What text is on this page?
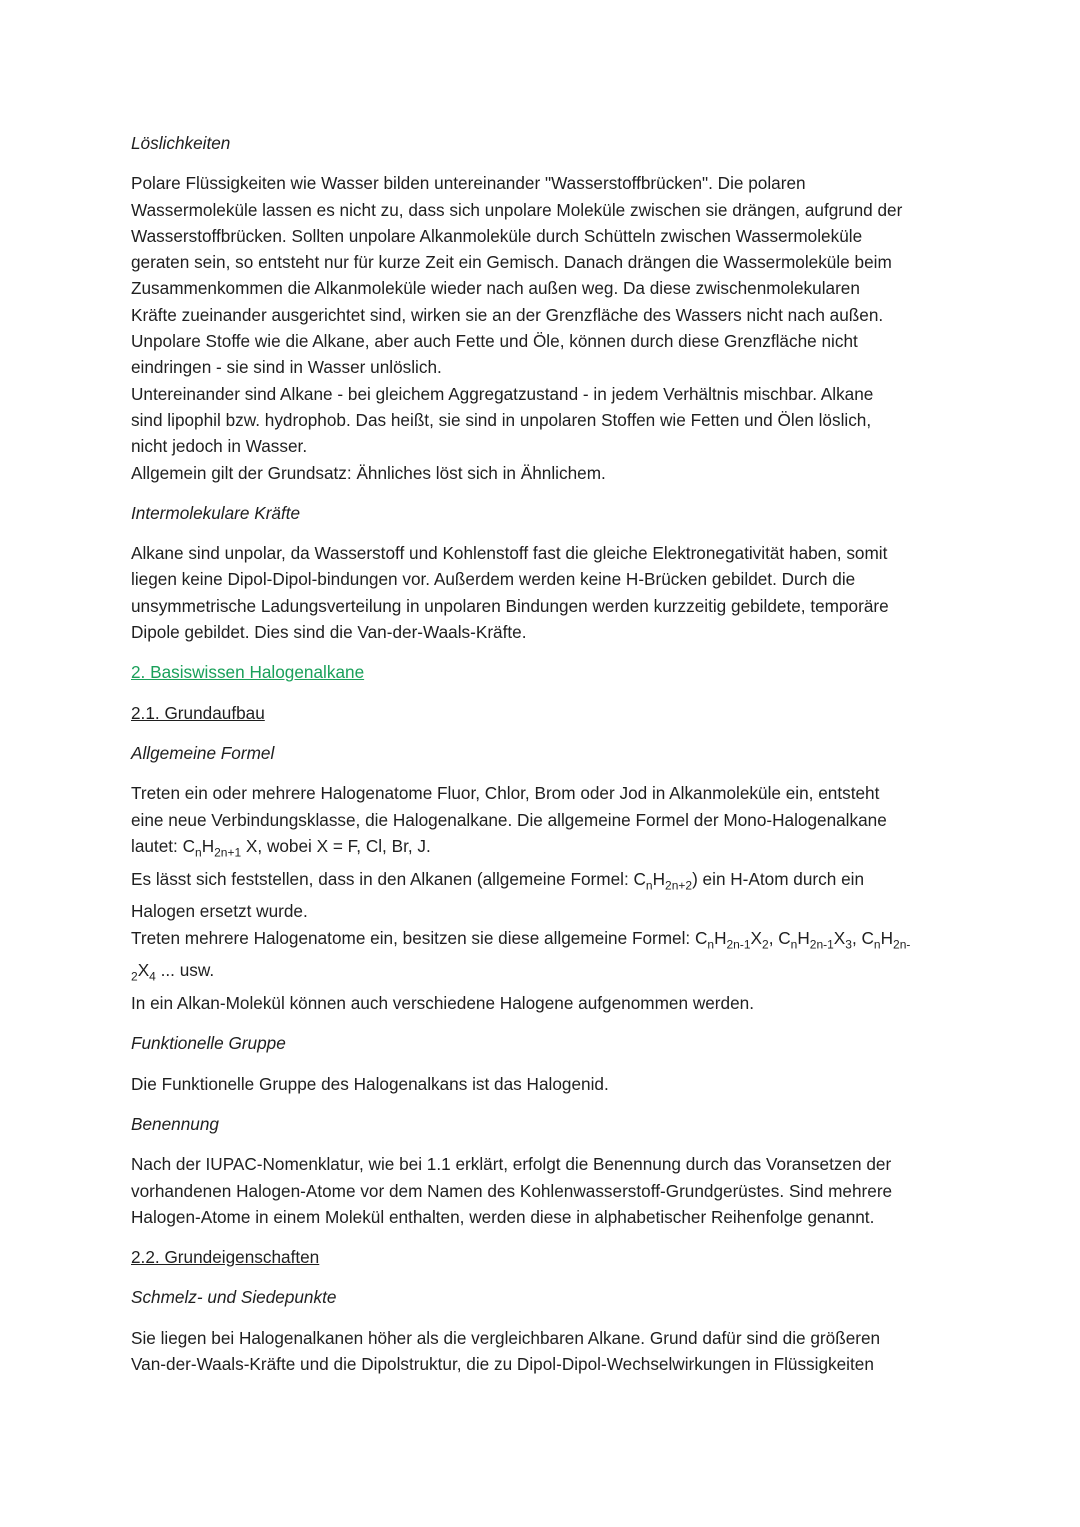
Löslichkeiten
Polare Flüssigkeiten wie Wasser bilden untereinander "Wasserstoffbrücken". Die polaren
Wassermoleküle lassen es nicht zu, dass sich unpolare Moleküle zwischen sie drängen, aufgrund der
Wasserstoffbrücken. Sollten unpolare Alkanmoleküle durch Schütteln zwischen Wassermoleküle
geraten sein, so entsteht nur für kurze Zeit ein Gemisch. Danach drängen die Wassermoleküle beim
Zusammenkommen die Alkanmoleküle wieder nach außen weg. Da diese zwischenmolekularen
Kräfte zueinander ausgerichtet sind, wirken sie an der Grenzfläche des Wassers nicht nach außen.
Unpolare Stoffe wie die Alkane, aber auch Fette und Öle, können durch diese Grenzfläche nicht
eindringen - sie sind in Wasser unlöslich.
Untereinander sind Alkane - bei gleichem Aggregatzustand - in jedem Verhältnis mischbar. Alkane
sind lipophil bzw. hydrophob. Das heißt, sie sind in unpolaren Stoffen wie Fetten und Ölen löslich,
nicht jedoch in Wasser.
Allgemein gilt der Grundsatz: Ähnliches löst sich in Ähnlichem.
Intermolekulare Kräfte
Alkane sind unpolar, da Wasserstoff und Kohlenstoff fast die gleiche Elektronegativität haben, somit
liegen keine Dipol-Dipol-bindungen vor. Außerdem werden keine H-Brücken gebildet. Durch die
unsymmetrische Ladungsverteilung in unpolaren Bindungen werden kurzzeitig gebildete, temporäre
Dipole gebildet. Dies sind die Van-der-Waals-Kräfte.
2. Basiswissen Halogenalkane
2.1. Grundaufbau
Allgemeine Formel
Treten ein oder mehrere Halogenatome Fluor, Chlor, Brom oder Jod in Alkanmoleküle ein, entsteht
eine neue Verbindungsklasse, die Halogenalkane. Die allgemeine Formel der Mono-Halogenalkane
lautet: $C_nH_{2n+1}$ X, wobei X = F, Cl, Br, J.
Es lässt sich feststellen, dass in den Alkanen (allgemeine Formel: $C_nH_{2n+2}$) ein H-Atom durch ein
Halogen ersetzt wurde.
Treten mehrere Halogenatome ein, besitzen sie diese allgemeine Formel: $C_nH_{2n-1}X_2$, $C_nH_{2n-1}X_3$, $C_nH_{2n-}$
$_2X_4$ ... usw.
In ein Alkan-Molekül können auch verschiedene Halogene aufgenommen werden.
Funktionelle Gruppe
Die Funktionelle Gruppe des Halogenalkans ist das Halogenid.
Benennung
Nach der IUPAC-Nomenklatur, wie bei 1.1 erklärt, erfolgt die Benennung durch das Voransetzen der
vorhandenen Halogen-Atome vor dem Namen des Kohlenwasserstoff-Grundgerüstes. Sind mehrere
Halogen-Atome in einem Molekül enthalten, werden diese in alphabetischer Reihenfolge genannt.
2.2. Grundeigenschaften
Schmelz- und Siedepunkte
Sie liegen bei Halogenalkanen höher als die vergleichbaren Alkane. Grund dafür sind die größeren
Van-der-Waals-Kräfte und die Dipolstruktur, die zu Dipol-Dipol-Wechselwirkungen in Flüssigkeiten
